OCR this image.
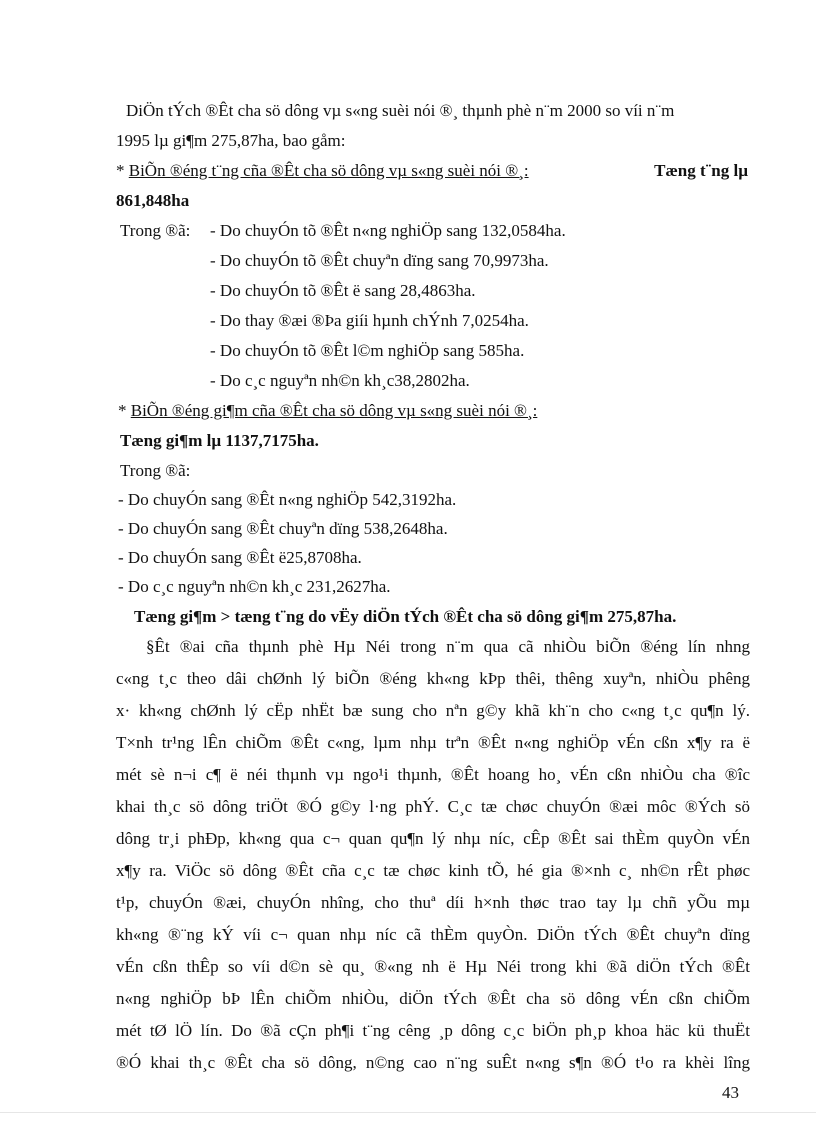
DiÖn tÝch ®Êt cha sö dông vµ s«ng suèi nói ®¸ thµnh phè n¨m 2000 so víi n¨m
1995 lµ gi¶m 275,87ha, bao gåm:
* BiÕn ®éng t¨ng cña ®Êt cha sö dông vµ s«ng suèi nói ®¸:	Tæng t¨ng lµ
861,848ha
Trong ®ã: - Do chuyÓn tõ ®Êt n«ng nghiÖp sang 132,0584ha.
- Do chuyÓn tõ ®Êt chuyªn dïng sang 70,9973ha.
- Do chuyÓn tõ ®Êt ë sang 28,4863ha.
- Do thay ®æi ®Þa giíi hµnh chÝnh 7,0254ha.
- Do chuyÓn tõ ®Êt l©m nghiÖp sang 585ha.
- Do c¸c nguyªn nh©n kh¸c38,2802ha.
* BiÕn ®éng gi¶m cña ®Êt cha sö dông vµ s«ng suèi nói ®¸:
Tæng gi¶m lµ 1137,7175ha.
Trong ®ã:
- Do chuyÓn sang ®Êt n«ng nghiÖp 542,3192ha.
- Do chuyÓn sang ®Êt chuyªn dïng 538,2648ha.
- Do chuyÓn sang ®Êt ë25,8708ha.
- Do c¸c nguyªn nh©n kh¸c 231,2627ha.
Tæng gi¶m > tæng t¨ng do vËy diÖn tÝch ®Êt cha sö dông gi¶m 275,87ha.
§Êt ®ai cña thµnh phè Hµ Néi trong n¨m qua cã nhiÒu biÕn ®éng lín nhng
c«ng t¸c theo dâi chØnh lý biÕn ®éng kh«ng kÞp thêi, thêng xuyªn, nhiÒu phêng
x· kh«ng chØnh lý cËp nhËt bæ sung cho nªn g©y khã kh¨n cho c«ng t¸c qu¶n lý.
T×nh tr¹ng lÊn chiÕm ®Êt c«ng, lµm nhµ trªn ®Êt n«ng nghiÖp vÉn cßn x¶y ra ë
mét sè n¬i c¶ ë néi thµnh vµ ngo¹i thµnh, ®Êt hoang ho¸ vÉn cßn nhiÒu cha ®îc
khai th¸c sö dông triÖt ®Ó g©y l·ng phÝ. C¸c tæ chøc chuyÓn ®æi môc ®Ých sö
dông tr¸i phÐp, kh«ng qua c¬ quan qu¶n lý nhµ níc, cÊp ®Êt sai thÈm quyÒn vÉn
x¶y ra. ViÖc sö dông ®Êt cña c¸c tæ chøc kinh tÕ, hé gia ®×nh c¸ nh©n rÊt phøc
t¹p, chuyÓn ®æi, chuyÓn nhîng, cho thuª díi h×nh thøc trao tay lµ chñ yÕu mµ
kh«ng ®¨ng kÝ víi c¬ quan nhµ níc cã thÈm quyÒn. DiÖn tÝch ®Êt chuyªn dïng
vÉn cßn thÊp so víi d©n sè qu¸ ®«ng nh ë Hµ Néi trong khi ®ã diÖn tÝch ®Êt
n«ng nghiÖp bÞ lÊn chiÕm nhiÒu, diÖn tÝch ®Êt cha sö dông vÉn cßn chiÕm
mét tØ lÖ lín. Do ®ã cÇn ph¶i t¨ng cêng ¸p dông c¸c biÖn ph¸p khoa häc kü thuËt
®Ó khai th¸c ®Êt cha sö dông, n©ng cao n¨ng suÊt n«ng s¶n ®Ó t¹o ra khèi lîng
43
